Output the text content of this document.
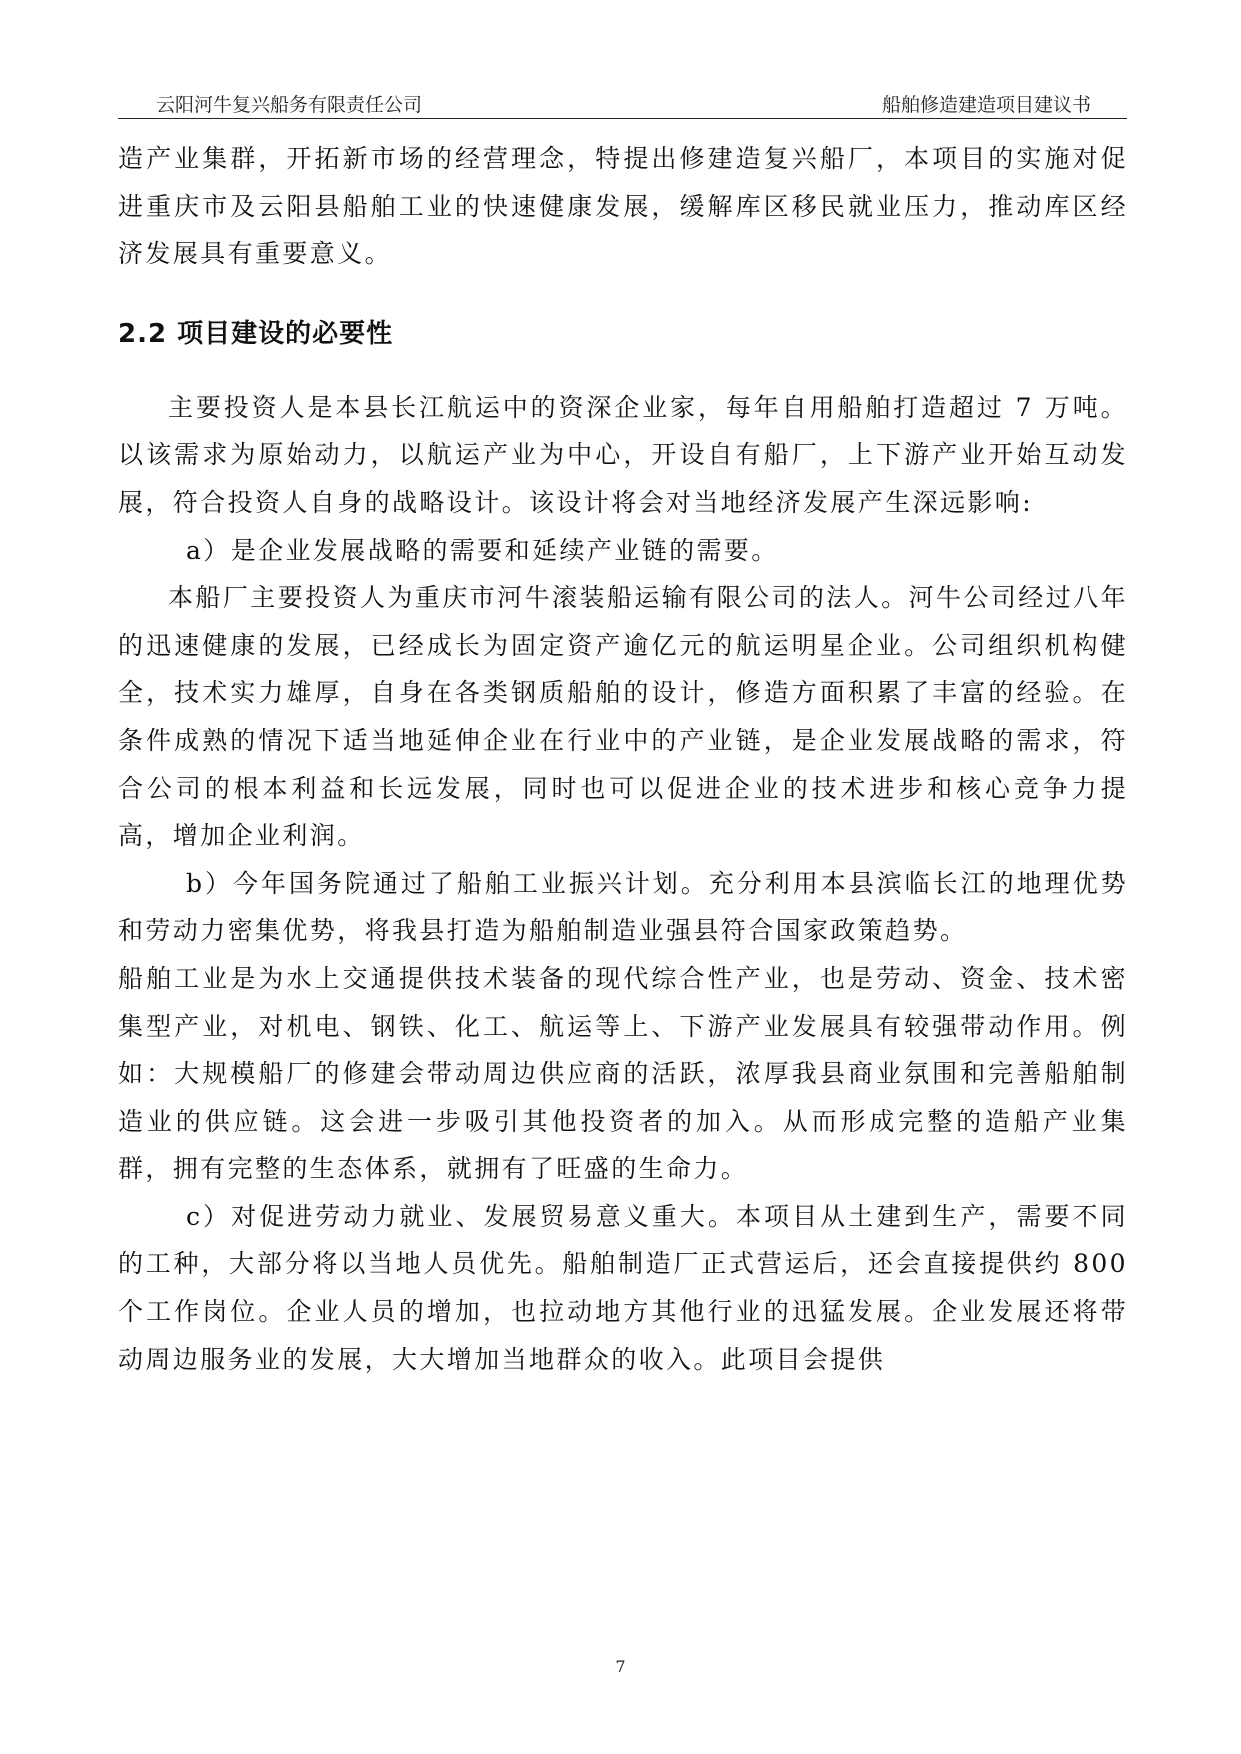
云阳河牛复兴船务有限责任公司	船舶修造建造项目建议书

造产业集群，开拓新市场的经营理念，特提出修建造复兴船厂，本项目的实施对促进重庆市及云阳县船舶工业的快速健康发展，缓解库区移民就业压力，推动库区经济发展具有重要意义。

2.2 项目建设的必要性

主要投资人是本县长江航运中的资深企业家，每年自用船舶打造超过 7 万吨。 以该需求为原始动力，以航运产业为中心，开设自有船厂，上下游产业开始互动发展，符合投资人自身的战略设计。该设计将会对当地经济发展产生深远影响:

a）是企业发展战略的需要和延续产业链的需要。

本船厂主要投资人为重庆市河牛滚装船运输有限公司的法人。河牛公司经过八年的迅速健康的发展，已经成长为固定资产逾亿元的航运明星企业。公司组织机构健全，技术实力雄厚，自身在各类钢质船舶的设计，修造方面积累了丰富的经验。在条件成熟的情况下适当地延伸企业在行业中的产业链，是企业发展战略的需求，符合公司的根本利益和长远发展，同时也可以促进企业的技术进步和核心竞争力提高，增加企业利润。

b）今年国务院通过了船舶工业振兴计划。充分利用本县滨临长江的地理优势和劳动力密集优势，将我县打造为船舶制造业强县符合国家政策趋势。

船舶工业是为水上交通提供技术装备的现代综合性产业，也是劳动、资金、技术密集型产业，对机电、钢铁、化工、航运等上、下游产业发展具有较强带动作用。例如：大规模船厂的修建会带动周边供应商的活跃，浓厚我县商业氛围和完善船舶制造业的供应链。这会进一步吸引其他投资者的加入。从而形成完整的造船产业集群，拥有完整的生态体系，就拥有了旺盛的生命力。

c）对促进劳动力就业、发展贸易意义重大。本项目从土建到生产，需要不同的工种，大部分将以当地人员优先。船舶制造厂正式营运后，还会直接提供约 800 个工作岗位。企业人员的增加，也拉动地方其他行业的迅猛发展。企业发展还将带动周边服务业的发展，大大增加当地群众的收入。此项目会提供

7
